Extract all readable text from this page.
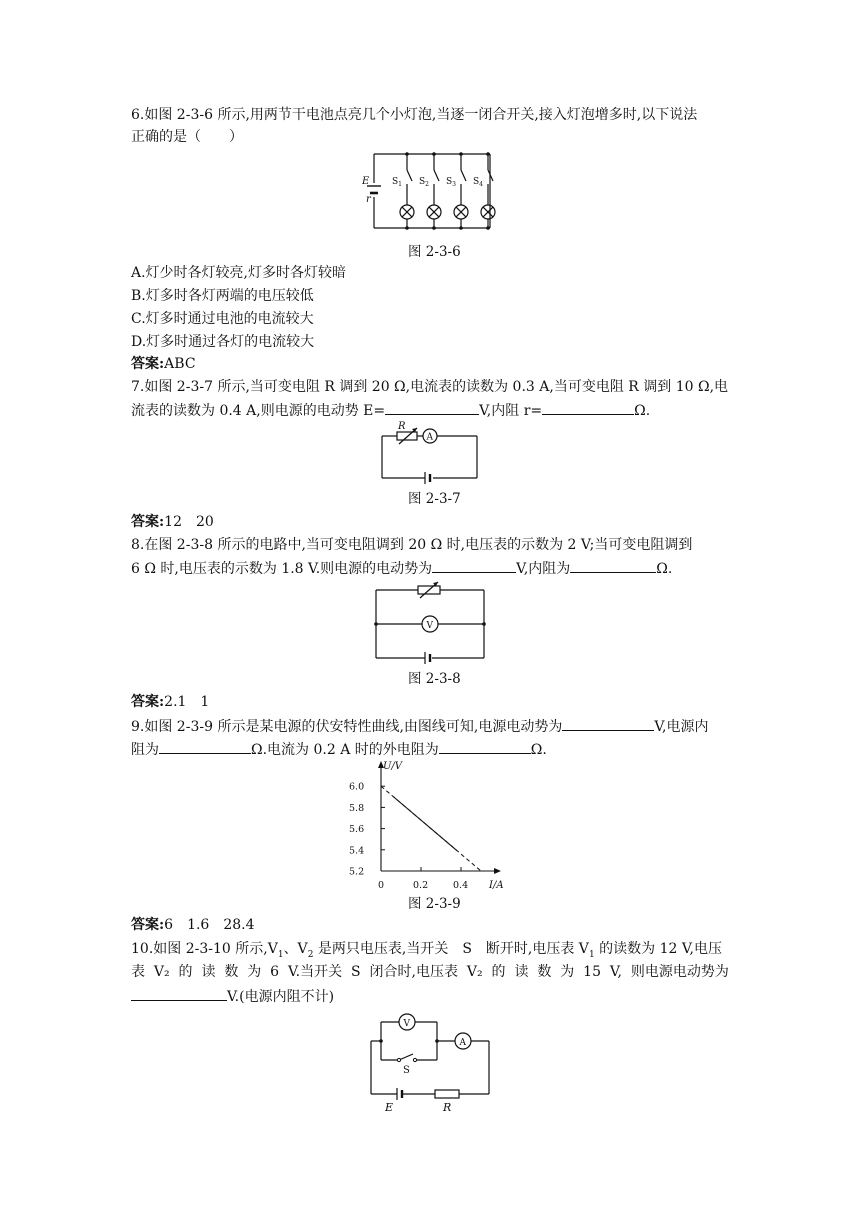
6.如图 2-3-6 所示,用两节干电池点亮几个小灯泡,当逐一闭合开关,接入灯泡增多时,以下说法
正确的是（　　）
E
r
$S_1$ $S_2$ $S_3$ $S_4$
图 2-3-6
A.灯少时各灯较亮,灯多时各灯较暗
B.灯多时各灯两端的电压较低
C.灯多时通过电池的电流较大
D.灯多时通过各灯的电流较大
答案:ABC
7.如图 2-3-7 所示,当可变电阻 R 调到 20 Ω,电流表的读数为 0.3 A,当可变电阻 R 调到 10 Ω,电
流表的读数为 0.4 A,则电源的电动势 E=	V,内阻 r=	Ω.
R
A
图 2-3-7
答案:12　20
8.在图 2-3-8 所示的电路中,当可变电阻调到 20 Ω 时,电压表的示数为 2 V;当可变电阻调到
6 Ω 时,电压表的示数为 1.8 V.则电源的电动势为	V,内阻为	Ω.
V
图 2-3-8
答案:2.1　1
9.如图 2-3-9 所示是某电源的伏安特性曲线,由图线可知,电源电动势为	V,电源内
阻为	Ω.电流为 0.2 A 时的外电阻为	Ω.
5.2
5.4
5.6
5.8
6.0
0	0.2	0.4
U/V
I/A
图 2-3-9
答案:6　1.6　28.4
10.如图 2-3-10 所示$,V_1$、$V_2$ 是两只电压表,当开关　S　断开时,电压表 $V_1$ 的读数为 12 V,电压
表 V₂ 的 读 数 为 6 V.当开关 S 闭合时,电压表 V₂ 的 读 数 为 15 V, 则电源电动势为
V.(电源内阻不计)
V
A
S
E	R
